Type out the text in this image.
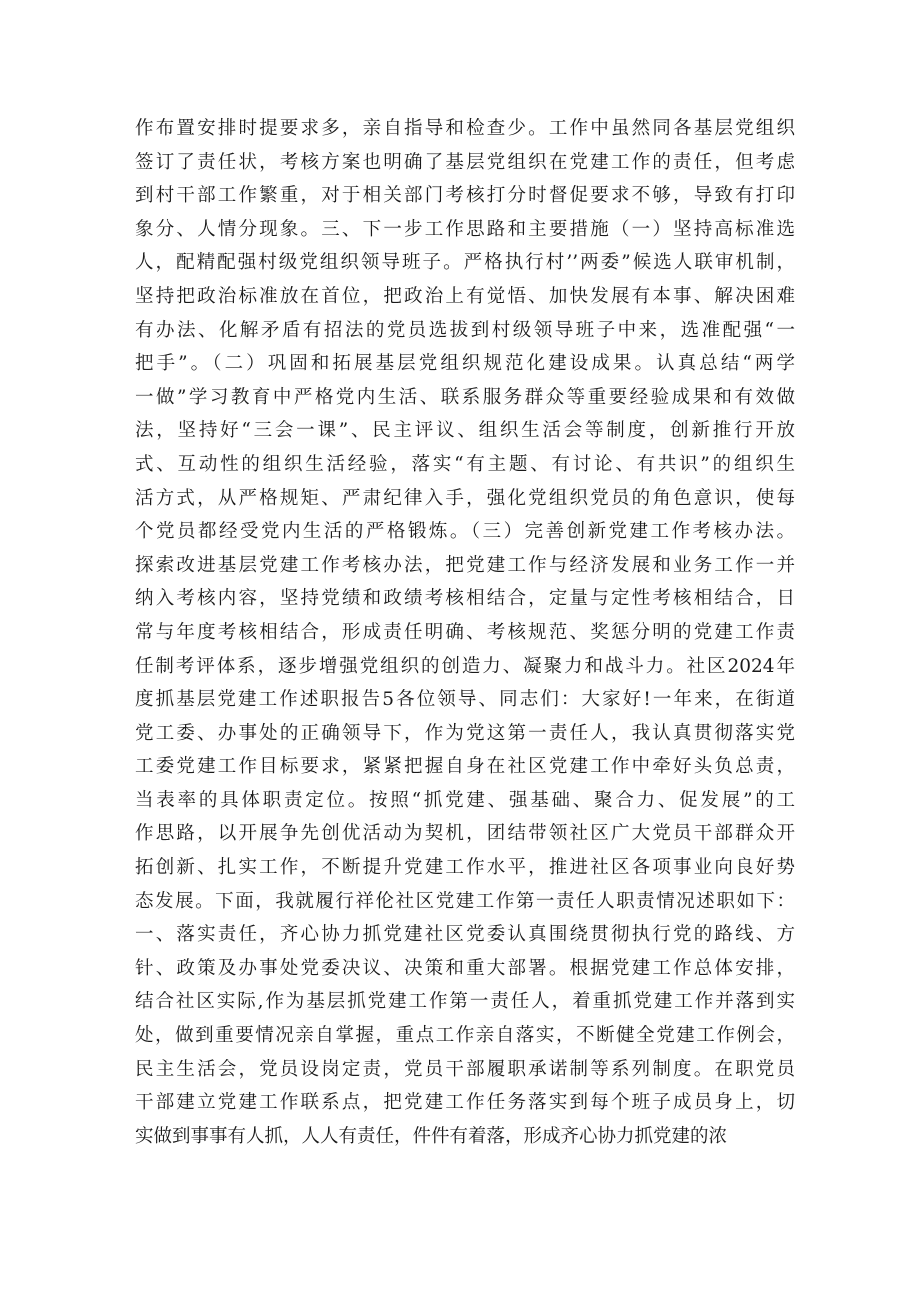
作布置安排时提要求多，亲自指导和检查少。工作中虽然同各基层党组织
签订了责任状，考核方案也明确了基层党组织在党建工作的责任，但考虑
到村干部工作繁重，对于相关部门考核打分时督促要求不够，导致有打印
象分、人情分现象。三、下一步工作思路和主要措施（一）坚持高标准选
人，配精配强村级党组织领导班子。严格执行村’’两委”候选人联审机制，
坚持把政治标准放在首位，把政治上有觉悟、加快发展有本事、解决困难
有办法、化解矛盾有招法的党员选拔到村级领导班子中来，选准配强“一
把手”。（二）巩固和拓展基层党组织规范化建设成果。认真总结“两学
一做”学习教育中严格党内生活、联系服务群众等重要经验成果和有效做
法，坚持好“三会一课”、民主评议、组织生活会等制度，创新推行开放
式、互动性的组织生活经验，落实“有主题、有讨论、有共识”的组织生
活方式，从严格规矩、严肃纪律入手，强化党组织党员的角色意识，使每
个党员都经受党内生活的严格锻炼。（三）完善创新党建工作考核办法。
探索改进基层党建工作考核办法，把党建工作与经济发展和业务工作一并
纳入考核内容，坚持党绩和政绩考核相结合，定量与定性考核相结合，日
常与年度考核相结合，形成责任明确、考核规范、奖惩分明的党建工作责
任制考评体系，逐步增强党组织的创造力、凝聚力和战斗力。社区2024年
度抓基层党建工作述职报告5各位领导、同志们：大家好!一年来，在街道
党工委、办事处的正确领导下，作为党这第一责任人，我认真贯彻落实党
工委党建工作目标要求，紧紧把握自身在社区党建工作中牵好头负总责，
当表率的具体职责定位。按照“抓党建、强基础、聚合力、促发展”的工
作思路，以开展争先创优活动为契机，团结带领社区广大党员干部群众开
拓创新、扎实工作，不断提升党建工作水平，推进社区各项事业向良好势
态发展。下面，我就履行祥伦社区党建工作第一责任人职责情况述职如下：
一、落实责任，齐心协力抓党建社区党委认真围绕贯彻执行党的路线、方
针、政策及办事处党委决议、决策和重大部署。根据党建工作总体安排，
结合社区实际,作为基层抓党建工作第一责任人，着重抓党建工作并落到实
处，做到重要情况亲自掌握，重点工作亲自落实，不断健全党建工作例会，
民主生活会，党员设岗定责，党员干部履职承诺制等系列制度。在职党员
干部建立党建工作联系点，把党建工作任务落实到每个班子成员身上，切
实做到事事有人抓，人人有责任，件件有着落，形成齐心协力抓党建的浓
